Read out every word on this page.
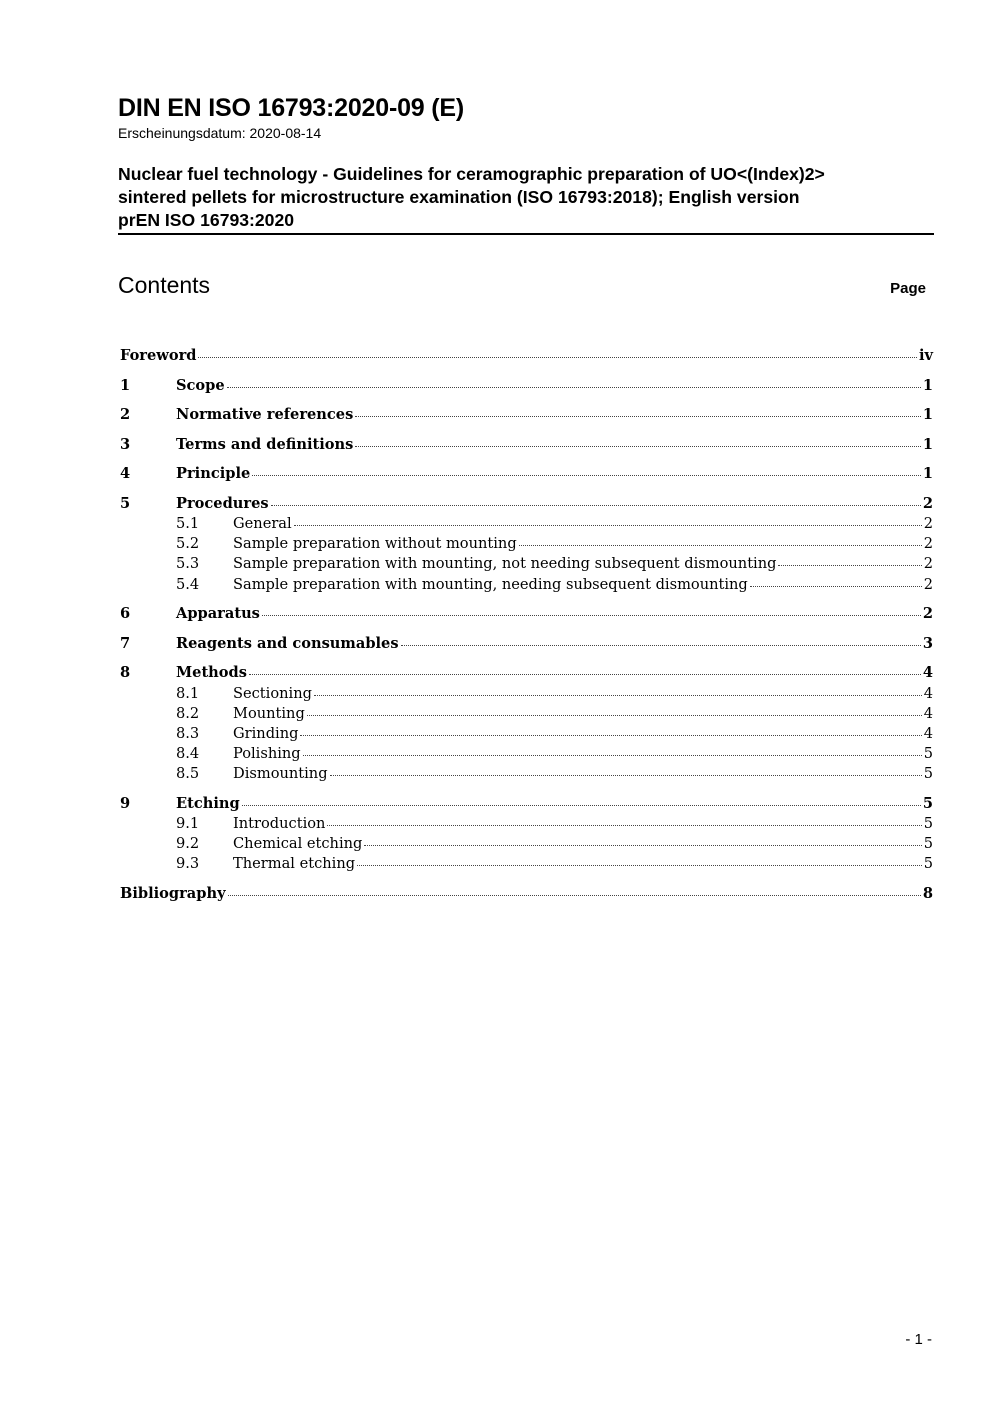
DIN EN ISO 16793:2020-09 (E)
Erscheinungsdatum: 2020-08-14
Nuclear fuel technology - Guidelines for ceramographic preparation of UO<(Index)2>
sintered pellets for microstructure examination (ISO 16793:2018); English version
prEN ISO 16793:2020
Contents	Page
Foreword	iv
1	Scope	1
2	Normative references	1
3	Terms and definitions	1
4	Principle	1
5	Procedures	2
5.1	General	2
5.2	Sample preparation without mounting	2
5.3	Sample preparation with mounting, not needing subsequent dismounting	2
5.4	Sample preparation with mounting, needing subsequent dismounting	2
6	Apparatus	2
7	Reagents and consumables	3
8	Methods	4
8.1	Sectioning	4
8.2	Mounting	4
8.3	Grinding	4
8.4	Polishing	5
8.5	Dismounting	5
9	Etching	5
9.1	Introduction	5
9.2	Chemical etching	5
9.3	Thermal etching	5
Bibliography	8
- 1 -
